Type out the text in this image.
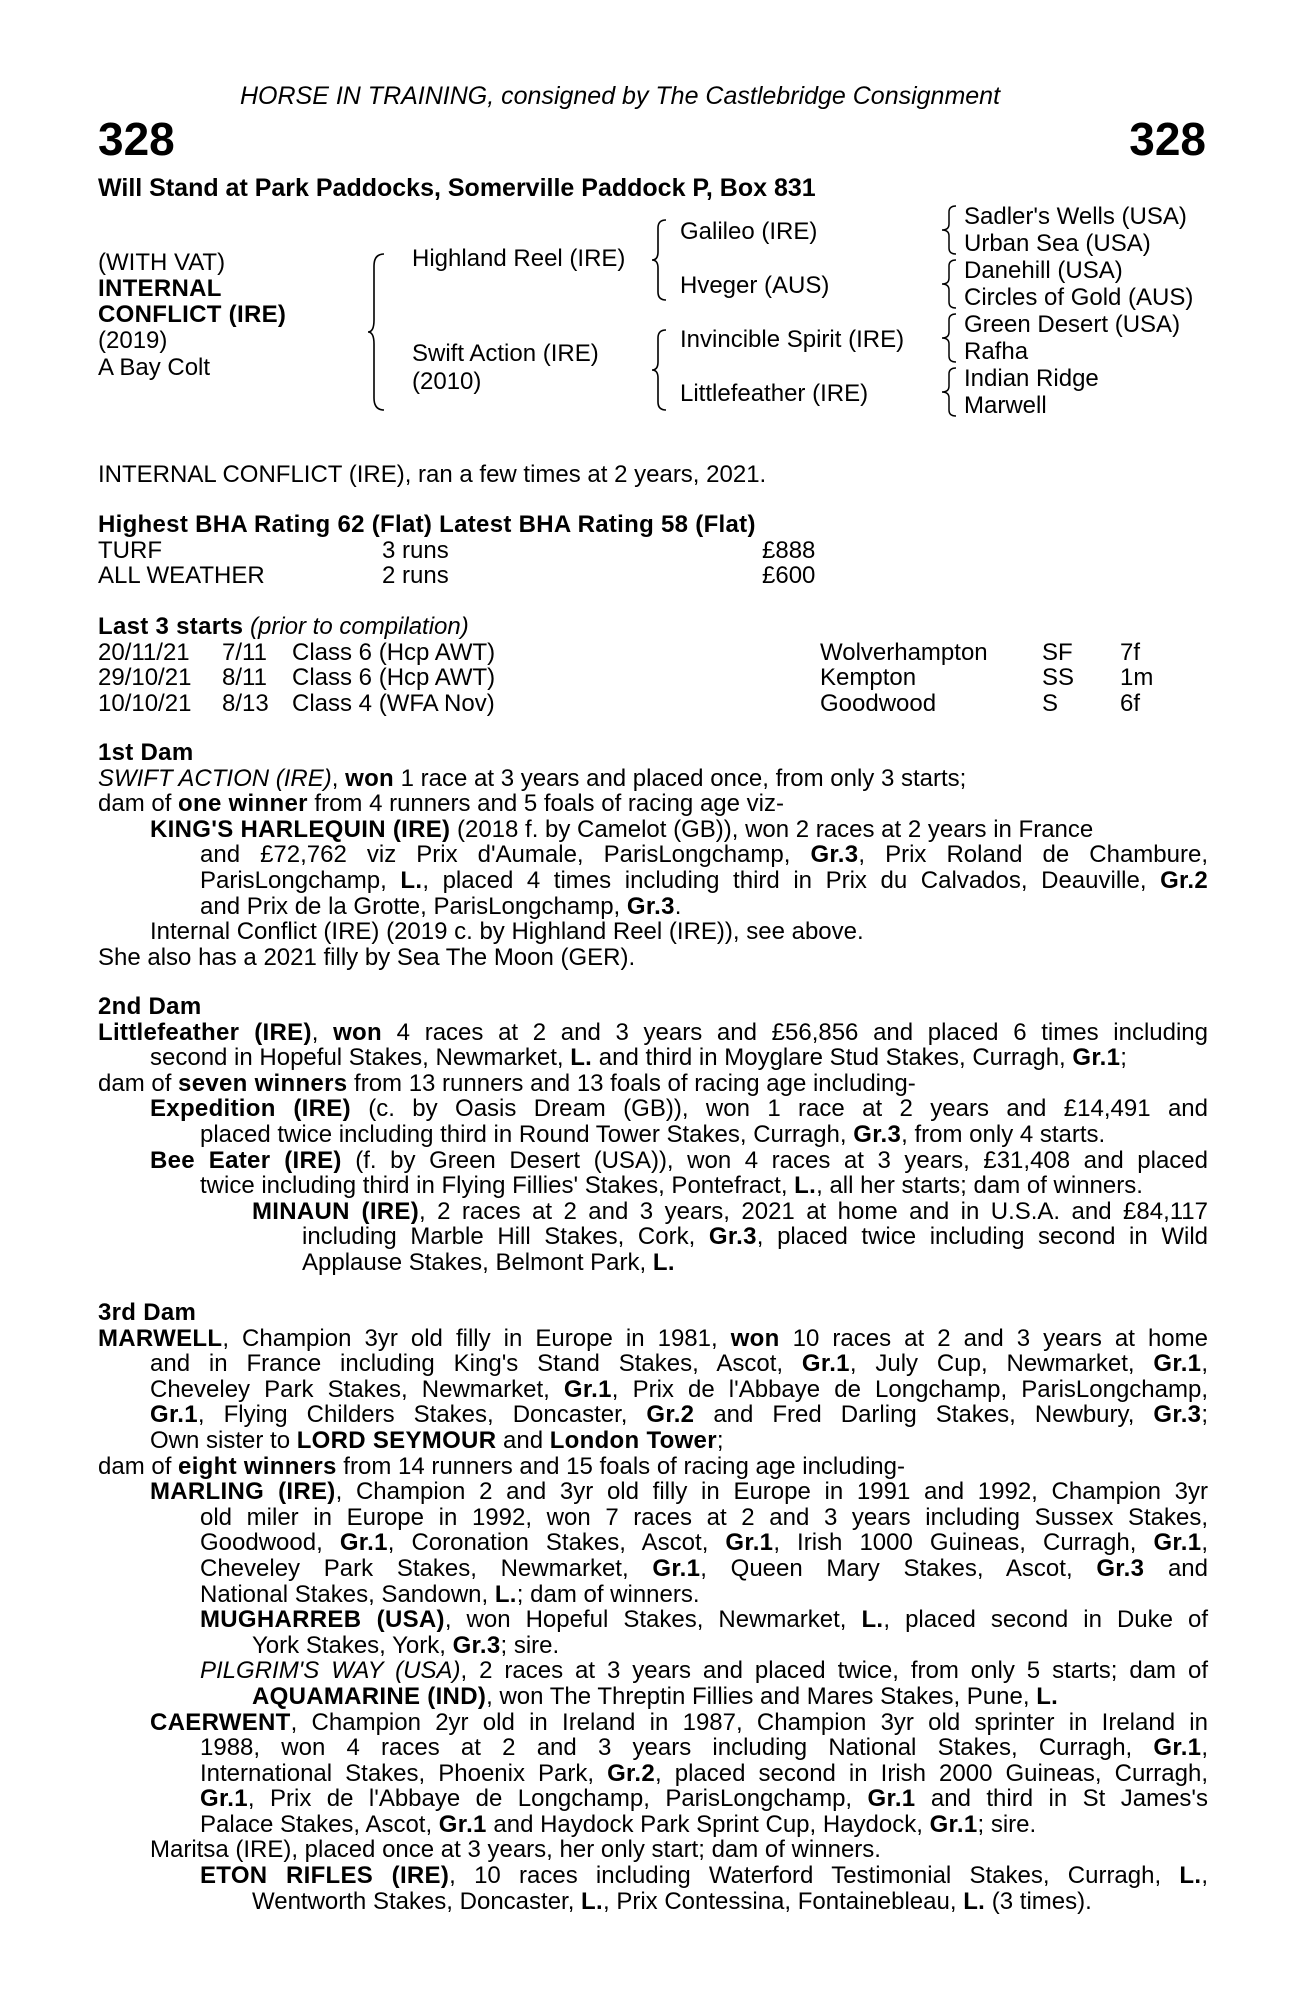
HORSE IN TRAINING, consigned by The Castlebridge Consignment
328	328
Will Stand at Park Paddocks, Somerville Paddock P, Box 831
(WITH VAT)
INTERNAL
CONFLICT (IRE)
(2019)
A Bay Colt
Highland Reel (IRE)
Swift Action (IRE)
(2010)
Galileo (IRE)
Hveger (AUS)
Invincible Spirit (IRE)
Littlefeather (IRE)
Sadler's Wells (USA)
Urban Sea (USA)
Danehill (USA)
Circles of Gold (AUS)
Green Desert (USA)
Rafha
Indian Ridge
Marwell
INTERNAL CONFLICT (IRE), ran a few times at 2 years, 2021.
Highest BHA Rating 62 (Flat) Latest BHA Rating 58 (Flat)
TURF	3 runs	£888
ALL WEATHER	2 runs	£600
Last 3 starts (prior to compilation)
20/11/21 7/11 Class 6 (Hcp AWT)	Wolverhampton SF 7f
29/10/21 8/11 Class 6 (Hcp AWT)	Kempton	SS 1m
10/10/21 8/13 Class 4 (WFA Nov)	Goodwood	S	6f
1st Dam
SWIFT ACTION (IRE), won 1 race at 3 years and placed once, from only 3 starts;
dam of one winner from 4 runners and 5 foals of racing age viz-
KING'S HARLEQUIN (IRE) (2018 f. by Camelot (GB)), won 2 races at 2 years in France
and £72,762 viz Prix d'Aumale, ParisLongchamp, Gr.3, Prix Roland de Chambure,
ParisLongchamp, L., placed 4 times including third in Prix du Calvados, Deauville, Gr.2
and Prix de la Grotte, ParisLongchamp, Gr.3.
Internal Conflict (IRE) (2019 c. by Highland Reel (IRE)), see above.
She also has a 2021 filly by Sea The Moon (GER).
2nd Dam
Littlefeather (IRE), won 4 races at 2 and 3 years and £56,856 and placed 6 times including
second in Hopeful Stakes, Newmarket, L. and third in Moyglare Stud Stakes, Curragh, Gr.1;
dam of seven winners from 13 runners and 13 foals of racing age including-
Expedition (IRE) (c. by Oasis Dream (GB)), won 1 race at 2 years and £14,491 and
placed twice including third in Round Tower Stakes, Curragh, Gr.3, from only 4 starts.
Bee Eater (IRE) (f. by Green Desert (USA)), won 4 races at 3 years, £31,408 and placed
twice including third in Flying Fillies' Stakes, Pontefract, L., all her starts; dam of winners.
MINAUN (IRE), 2 races at 2 and 3 years, 2021 at home and in U.S.A. and £84,117
including Marble Hill Stakes, Cork, Gr.3, placed twice including second in Wild
Applause Stakes, Belmont Park, L.
3rd Dam
MARWELL, Champion 3yr old filly in Europe in 1981, won 10 races at 2 and 3 years at home
and in France including King's Stand Stakes, Ascot, Gr.1, July Cup, Newmarket, Gr.1,
Cheveley Park Stakes, Newmarket, Gr.1, Prix de l'Abbaye de Longchamp, ParisLongchamp,
Gr.1, Flying Childers Stakes, Doncaster, Gr.2 and Fred Darling Stakes, Newbury, Gr.3;
Own sister to LORD SEYMOUR and London Tower;
dam of eight winners from 14 runners and 15 foals of racing age including-
MARLING (IRE), Champion 2 and 3yr old filly in Europe in 1991 and 1992, Champion 3yr
old miler in Europe in 1992, won 7 races at 2 and 3 years including Sussex Stakes,
Goodwood, Gr.1, Coronation Stakes, Ascot, Gr.1, Irish 1000 Guineas, Curragh, Gr.1,
Cheveley Park Stakes, Newmarket, Gr.1, Queen Mary Stakes, Ascot, Gr.3 and
National Stakes, Sandown, L.; dam of winners.
MUGHARREB (USA), won Hopeful Stakes, Newmarket, L., placed second in Duke of
York Stakes, York, Gr.3; sire.
PILGRIM'S WAY (USA), 2 races at 3 years and placed twice, from only 5 starts; dam of
AQUAMARINE (IND), won The Threptin Fillies and Mares Stakes, Pune, L.
CAERWENT, Champion 2yr old in Ireland in 1987, Champion 3yr old sprinter in Ireland in
1988, won 4 races at 2 and 3 years including National Stakes, Curragh, Gr.1,
International Stakes, Phoenix Park, Gr.2, placed second in Irish 2000 Guineas, Curragh,
Gr.1, Prix de l'Abbaye de Longchamp, ParisLongchamp, Gr.1 and third in St James's
Palace Stakes, Ascot, Gr.1 and Haydock Park Sprint Cup, Haydock, Gr.1; sire.
Maritsa (IRE), placed once at 3 years, her only start; dam of winners.
ETON RIFLES (IRE), 10 races including Waterford Testimonial Stakes, Curragh, L.,
Wentworth Stakes, Doncaster, L., Prix Contessina, Fontainebleau, L. (3 times).
